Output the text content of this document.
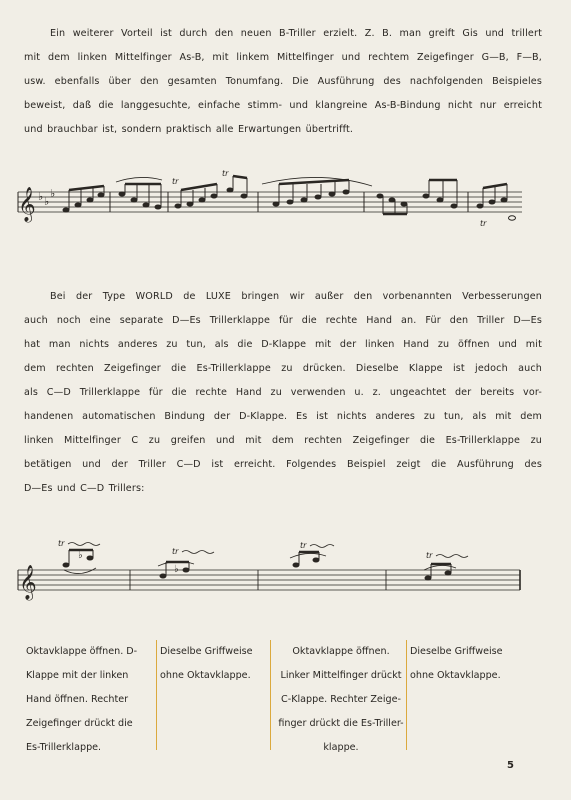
Ein weiterer Vorteil ist durch den neuen B-Triller erzielt. Z. B. man greift Gis und trillert
mit dem linken Mittelfinger As-B, mit linkem Mittelfinger und rechtem Zeigefinger G—B, F—B,
usw. ebenfalls über den gesamten Tonumfang. Die Ausführung des nachfolgenden Beispieles
beweist, daß die langgesuchte, einfache stimm- und klangreine As-B-Bindung nicht nur erreicht
und brauchbar ist, sondern praktisch alle Erwartungen übertrifft.
𝄞 ♭ ♭
♭
tr
tr
tr
Bei der Type WORLD de LUXE bringen wir außer den vorbenannten Verbesserungen
auch noch eine separate D—Es Trillerklappe für die rechte Hand an. Für den Triller D—Es
hat man nichts anderes zu tun, als die D-Klappe mit der linken Hand zu öffnen und mit
dem rechten Zeigefinger die Es-Trillerklappe zu drücken. Dieselbe Klappe ist jedoch auch
als C—D Trillerklappe für die rechte Hand zu verwenden u. z. ungeachtet der bereits vor-
handenen automatischen Bindung der D-Klappe. Es ist nichts anderes zu tun, als mit dem
linken Mittelfinger C zu greifen und mit dem rechten Zeigefinger die Es-Trillerklappe zu
betätigen und der Triller C—D ist erreicht. Folgendes Beispiel zeigt die Ausführung des
D—Es und C—D Trillers:
𝄞
♭
♭
tr
tr
tr
tr
Oktavklappe öffnen. D-
Klappe mit der linken
Hand öffnen. Rechter
Zeigefinger drückt die
Es-Trillerklappe.
Dieselbe Griffweise
ohne Oktavklappe.
Oktavklappe öffnen.
Linker Mittelfinger drückt
C-Klappe. Rechter Zeige-
finger drückt die Es-Triller-
klappe.
Dieselbe Griffweise
ohne Oktavklappe.
5
